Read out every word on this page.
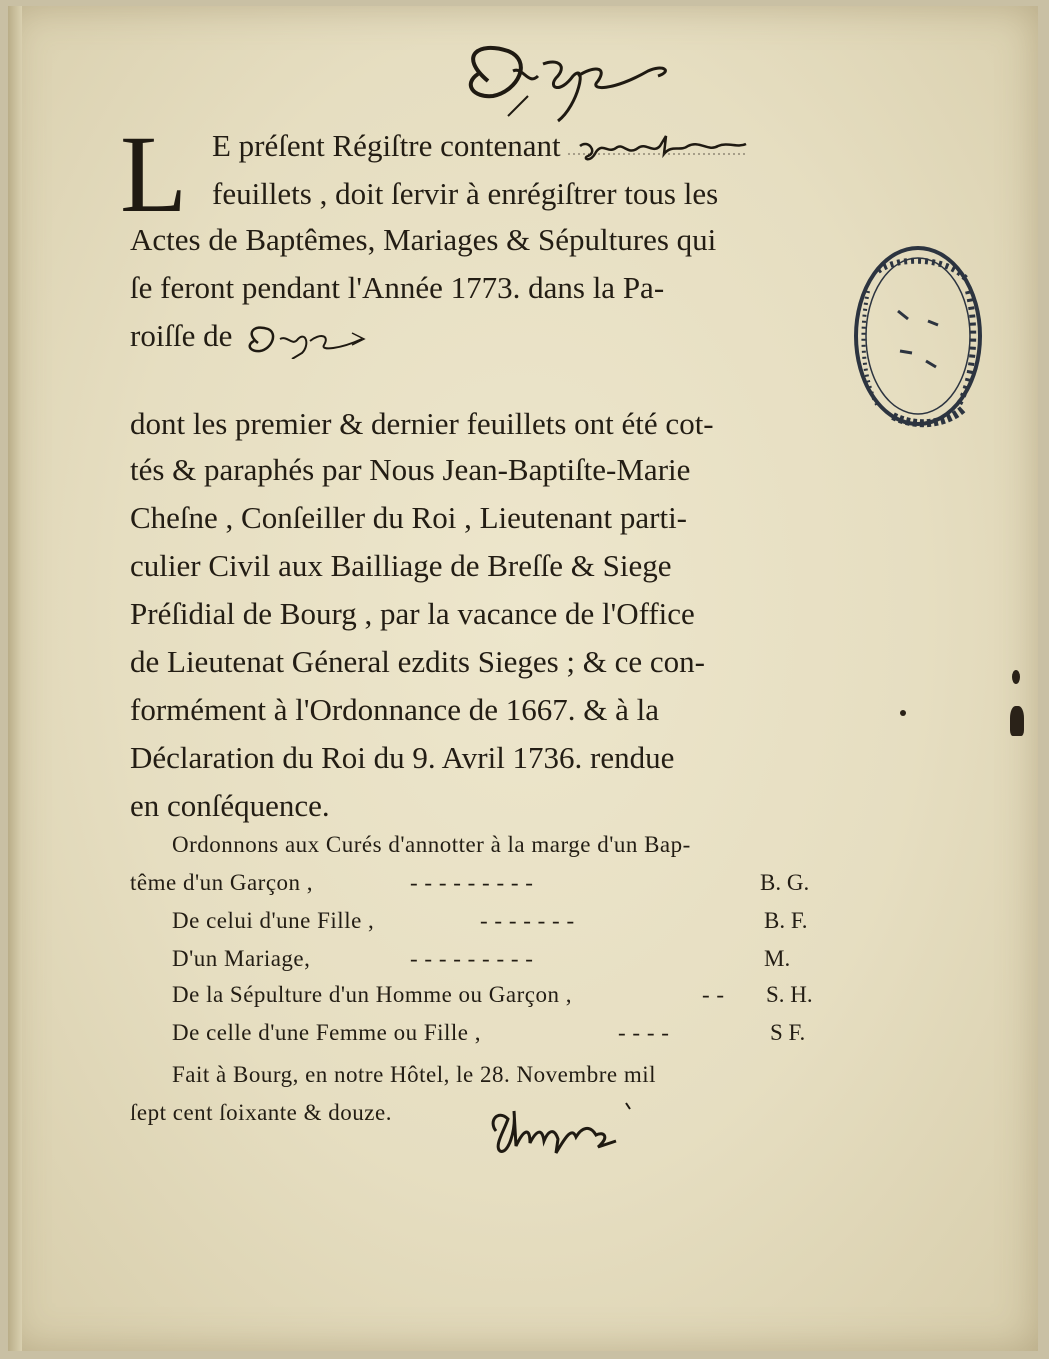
L E préſent Régiſtre contenant
feuillets , doit ſervir à enrégiſtrer tous les
Actes de Baptêmes, Mariages & Sépultures qui
ſe feront pendant l'Année 1773. dans la Pa-
roiſſe de
dont les premier & dernier feuillets ont été cot-
tés & paraphés par Nous Jean-Baptiſte-Marie
Cheſne , Conſeiller du Roi , Lieutenant parti-
culier Civil aux Bailliage de Breſſe & Siege
Préſidial de Bourg , par la vacance de l'Office
de Lieutenat Géneral ezdits Sieges ; & ce con-
formément à l'Ordonnance de 1667. & à la
Déclaration du Roi du 9. Avril 1736. rendue
en conſéquence.
Ordonnons aux Curés d'annotter à la marge d'un Bap-
tême d'un Garçon ,	- - - - - - - - -	B. G.
De celui d'une Fille ,	- - - - - - -	B. F.
D'un Mariage,	- - - - - - - - -	M.
De la Sépulture d'un Homme ou Garçon ,	- - S. H.
De celle d'une Femme ou Fille ,	- - - -	S F.
Fait à Bourg, en notre Hôtel, le 28. Novembre mil
ſept cent ſoixante & douze.
